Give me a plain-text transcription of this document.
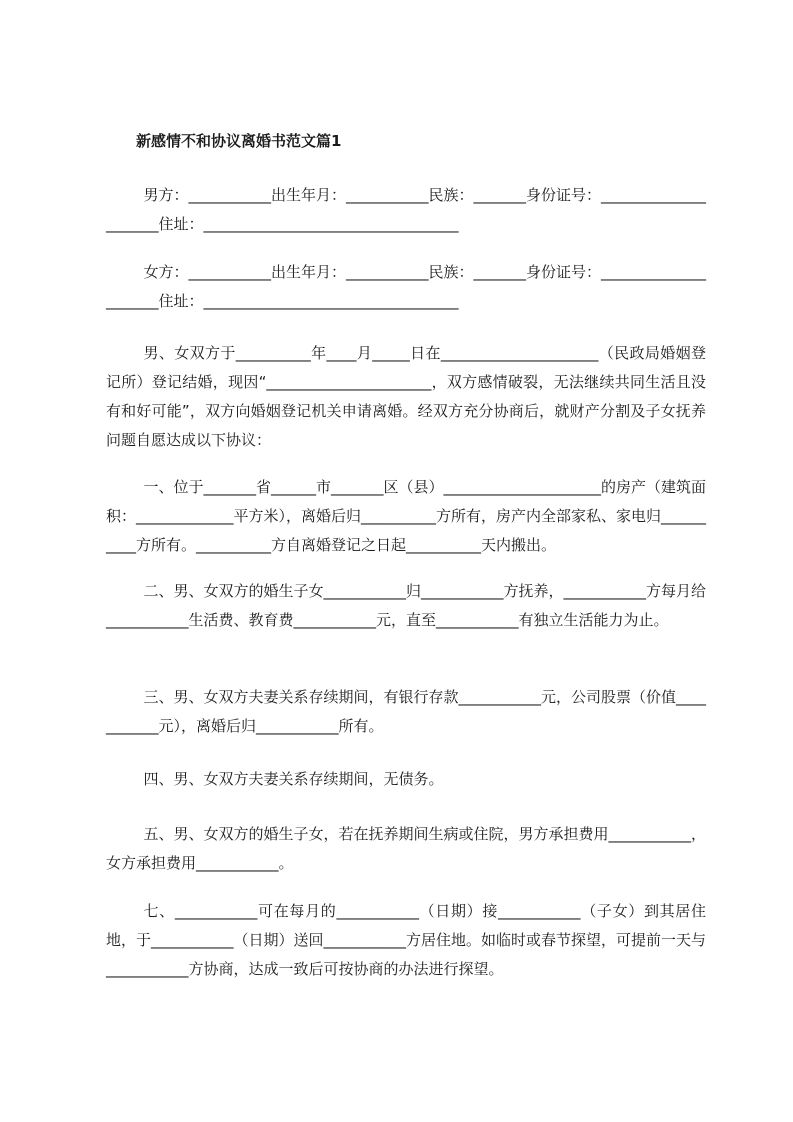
新感情不和协议离婚书范文篇1

男方：___________出生年月：___________民族：_______身份证号：_____________________住址：__________________________________

女方：___________出生年月：___________民族：_______身份证号：_____________________住址：__________________________________

男、女双方于__________年____月_____日在_____________________（民政局婚姻登记所）登记结婚，现因“______________________，双方感情破裂，无法继续共同生活且没有和好可能”，双方向婚姻登记机关申请离婚。经双方充分协商后，就财产分割及子女抚养问题自愿达成以下协议：

一、位于_______省______市_______区（县）_____________________的房产（建筑面积：_____________平方米），离婚后归__________方所有，房产内全部家私、家电归__________方所有。__________方自离婚登记之日起__________天内搬出。

二、男、女双方的婚生子女___________归___________方抚养，___________方每月给___________生活费、教育费___________元，直至___________有独立生活能力为止。

三、男、女双方夫妻关系存续期间，有银行存款___________元，公司股票（价值___________元），离婚后归___________所有。

四、男、女双方夫妻关系存续期间，无债务。

五、男、女双方的婚生子女，若在抚养期间生病或住院，男方承担费用___________，女方承担费用___________。

七、___________可在每月的___________（日期）接___________（子女）到其居住地，于___________（日期）送回___________方居住地。如临时或春节探望，可提前一天与___________方协商，达成一致后可按协商的办法进行探望。
